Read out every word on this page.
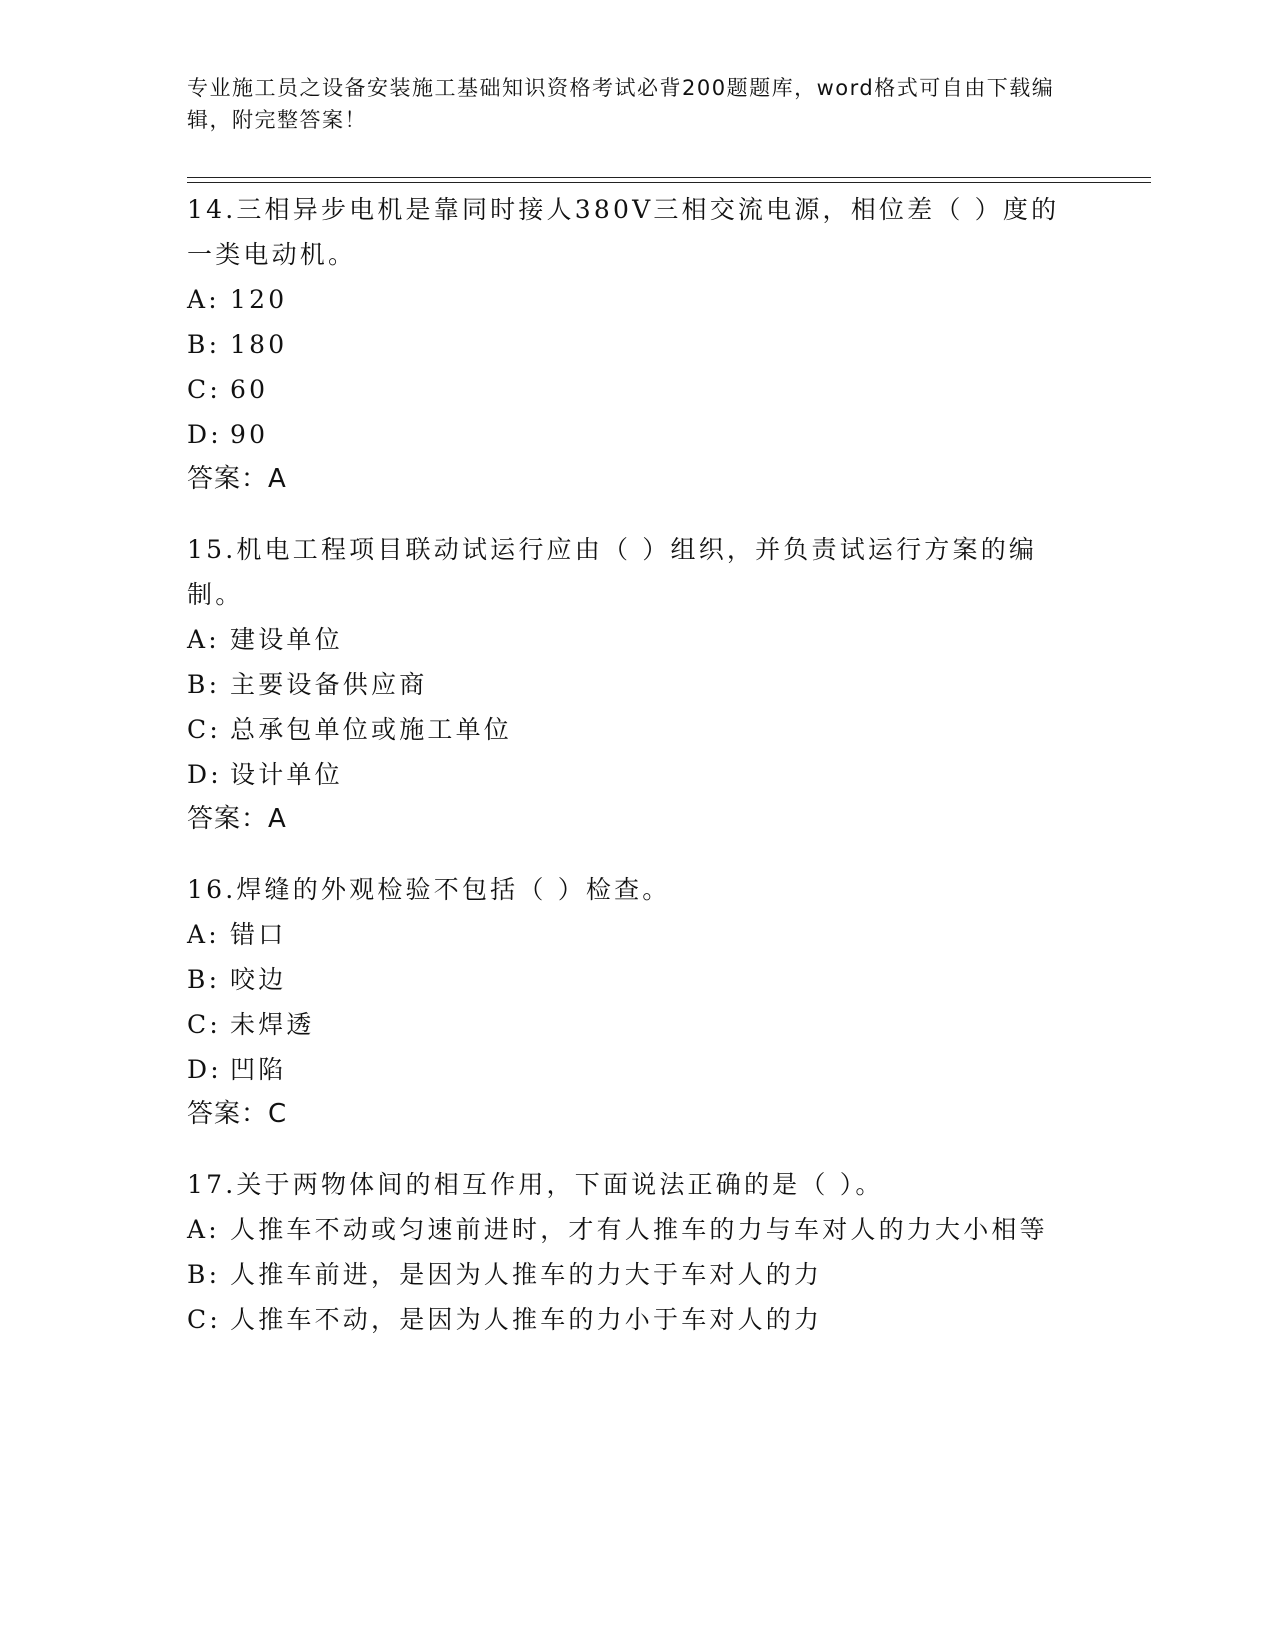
专业施工员之设备安装施工基础知识资格考试必背200题题库，word格式可自由下载编辑，附完整答案！

14.三相异步电机是靠同时接人380V三相交流电源，相位差（ ）度的一类电动机。

A: 120

B: 180

C: 60

D: 90

答案：A

15.机电工程项目联动试运行应由（ ）组织，并负责试运行方案的编制。

A: 建设单位

B: 主要设备供应商

C: 总承包单位或施工单位

D: 设计单位

答案：A

16.焊缝的外观检验不包括（ ）检查。

A: 错口

B: 咬边

C: 未焊透

D: 凹陷

答案：C

17.关于两物体间的相互作用，下面说法正确的是（ ）。

A: 人推车不动或匀速前进时，才有人推车的力与车对人的力大小相等

B: 人推车前进，是因为人推车的力大于车对人的力

C: 人推车不动，是因为人推车的力小于车对人的力
